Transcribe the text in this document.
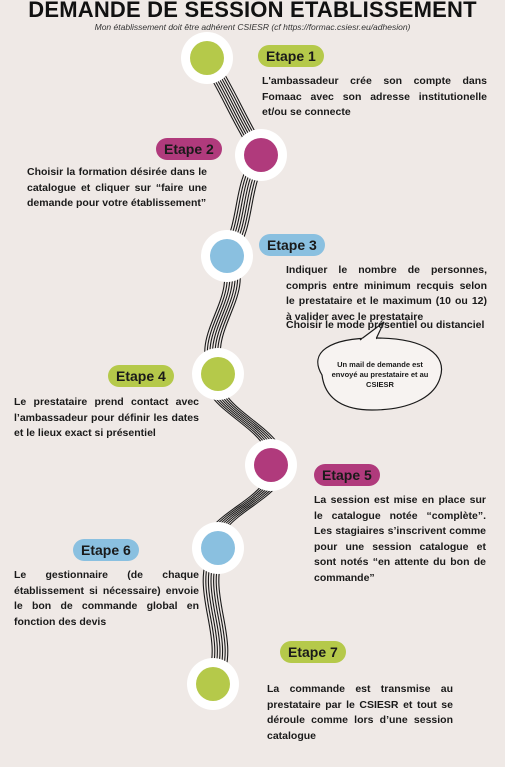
DEMANDE DE SESSION ETABLISSEMENT
Mon établissement doit être adhérent CSIESR (cf https://formac.csiesr.eu/adhesion)
Etape 1
L'ambassadeur crée son compte dans Fomaac avec son adresse institutionelle et/ou se connecte
Etape 2
Choisir la formation désirée dans le catalogue et cliquer sur “faire une demande pour votre établissement”
Etape 3
Indiquer le nombre de personnes, compris entre minimum recquis selon le prestataire et le maximum (10 ou 12) à valider avec le prestataire
Choisir le mode présentiel ou distanciel
Un mail de demande est envoyé au prestataire et au CSIESR
Etape 4
Le prestataire prend contact avec l’ambassadeur pour définir les dates et le lieux exact si présentiel
Etape 5
La session est mise en place sur le catalogue notée “complète”. Les stagiaires s’inscrivent comme pour une session catalogue et sont notés “en attente du bon de commande”
Etape 6
Le gestionnaire (de chaque établissement si nécessaire) envoie le bon de commande global en fonction des devis
Etape 7
La commande est transmise au prestataire par le CSIESR et tout se déroule comme lors d’une session catalogue
